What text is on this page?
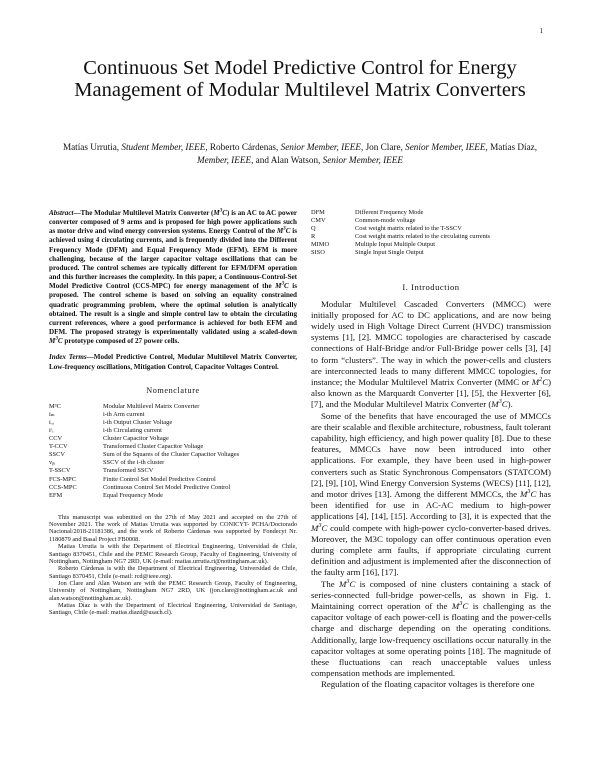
1
Continuous Set Model Predictive Control for Energy Management of Modular Multilevel Matrix Converters
Matías Urrutia, Student Member, IEEE, Roberto Cárdenas, Senior Member, IEEE, Jon Clare, Senior Member, IEEE, Matías Díaz, Member, IEEE, and Alan Watson, Senior Member, IEEE

Abstract—The Modular Multilevel Matrix Converter $(M^3C)$ is an AC to AC power converter composed of 9 arms and is proposed for high power applications such as motor drive and wind energy conversion systems. Energy Control of the $M^3C$ is achieved using 4 circulating currents, and is frequently divided into the Different Frequency Mode (DFM) and Equal Frequency Mode (EFM). EFM is more challenging, because of the larger capacitor voltage oscillations that can be produced. The control schemes are typically different for EFM/DFM operation and this further increases the complexity. In this paper, a Continuous-Control-Set Model Predictive Control (CCS-MPC) for energy management of the $M^3C$ is proposed. The control scheme is based on solving an equality constrained quadratic programming problem, where the optimal solution is analytically obtained. The result is a single and simple control law to obtain the circulating current references, where a good performance is achieved for both EFM and DFM. The proposed strategy is experimentally validated using a scaled-down $M^3C$ prototype composed of 27 power cells.

Index Terms—Model Predictive Control, Modular Multilevel Matrix Converter, Low-frequency oscillations, Mitigation Control, Capacitor Voltages Control.

Nomenclature
M³C	Modular Multilevel Matrix Converter
iₘ	i-th Arm current
iₒᵢ	i-th Output Cluster Voltage
iᶜᵢ	i-th Circulating current
CCV	Cluster Capacitor Voltage
T-CCV	Transformed Cluster Capacitor Voltage
SSCV	Sum of the Squares of the Cluster Capacitor Voltages
vᵦᵢ	SSCV of the i-th cluster
T-SSCV	Transformed SSCV
FCS-MPC	Finite Control Set Model Predictive Control
CCS-MPC	Continuous Control Set Model Predictive Control
EFM	Equal Frequency Mode

This manuscript was submitted on the 27th of May 2021 and accepted on the 27th of November 2021. The work of Matias Urrutia was supported by CONICYT- PCHA/Doctorado Nacional/2018-21181386, and the work of Roberto Cárdenas was supported by Fondecyt Nr. 1180879 and Basal Project FB0008.

Matias Urrutia is with the Department of Electrical Engineering, Universidad de Chile, Santiago 8370451, Chile and the PEMC Research Group, Faculty of Engineering, University of Nottingham, Nottingham NG7 2RD, UK (e-mail: matias.urrutia.ri@nottingham.ac.uk).

Roberto Cárdenas is with the Department of Electrical Engineering, Universidad de Chile, Santiago 8370451, Chile (e-mail: rcd@ieee.org).

Jon Clare and Alan Watson are with the PEMC Research Group, Faculty of Engineering, University of Nottingham, Nottingham NG7 2RD, UK (jon.clare@nottingham.ac.uk and alan.watson@nottingham.ac.uk).

Matias Díaz is with the Department of Electrical Engineering, Universidad de Santiago, Santiago, Chile (e-mail: matias.diazd@usach.cl).

DFM	Different Frequency Mode
CMV	Common-mode voltage
Q	Cost weight matrix related to the T-SSCV
R	Cost weight matrix related to the circulating currents
MIMO	Multiple Input Multiple Output
SISO	Single Input Single Output
I. Introduction

Modular Multilevel Cascaded Converters (MMCC) were initially proposed for AC to DC applications, and are now being widely used in High Voltage Direct Current (HVDC) transmission systems [1], [2]. MMCC topologies are characterised by cascade connections of Half-Bridge and/or Full-Bridge power cells [3], [4] to form “clusters”. The way in which the power-cells and clusters are interconnected leads to many different MMCC topologies, for instance; the Modular Multilevel Matrix Converter (MMC or $M^2C$) also known as the Marquardt Converter [1], [5], the Hexverter [6], [7], and the Modular Multilevel Matrix Converter $(M^3C)$.

Some of the benefits that have encouraged the use of MMCCs are their scalable and flexible architecture, robustness, fault tolerant capability, high efficiency, and high power quality [8]. Due to these features, MMCCs have now been introduced into other applications. For example, they have been used in high-power converters such as Static Synchronous Compensators (STATCOM) [2], [9], [10], Wind Energy Conversion Systems (WECS) [11], [12], and motor drives [13]. Among the different MMCCs, the $M^3C$ has been identified for use in AC-AC medium to high-power applications [4], [14], [15]. According to [3], it is expected that the $M^3C$ could compete with high-power cyclo-converter-based drives. Moreover, the M3C topology can offer continuous operation even during complete arm faults, if appropriate circulating current definition and adjustment is implemented after the disconnection of the faulty arm [16], [17].

The $M^3C$ is composed of nine clusters containing a stack of series-connected full-bridge power-cells, as shown in Fig. 1. Maintaining correct operation of the $M^3C$ is challenging as the capacitor voltage of each power-cell is floating and the power-cells charge and discharge depending on the operating conditions. Additionally, large low-frequency oscillations occur naturally in the capacitor voltages at some operating points [18]. The magnitude of these fluctuations can reach unacceptable values unless compensation methods are implemented.

Regulation of the floating capacitor voltages is therefore one
